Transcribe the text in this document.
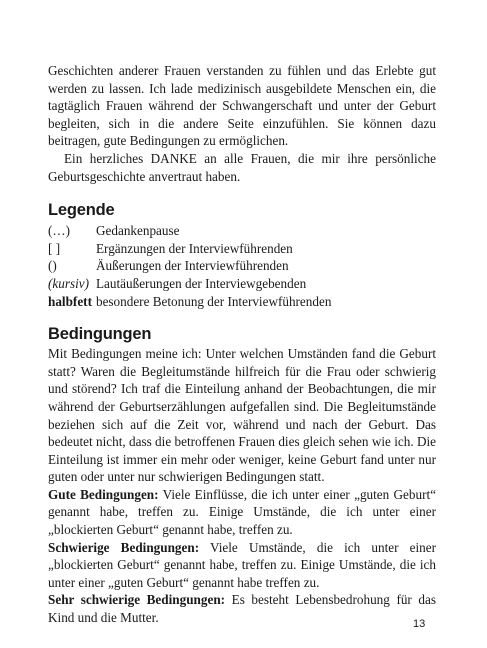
Geschichten anderer Frauen verstanden zu fühlen und das Erlebte gut werden zu lassen. Ich lade medizinisch ausgebildete Menschen ein, die tagtäglich Frauen während der Schwangerschaft und unter der Geburt begleiten, sich in die andere Seite einzufühlen. Sie können dazu beitragen, gute Bedingungen zu ermöglichen.

Ein herzliches DANKE an alle Frauen, die mir ihre persönliche Geburtsgeschichte anvertraut haben.

Legende
(…)	Gedankenpause
[ ]	Ergänzungen der Interviewführenden
()	Äußerungen der Interviewführenden
(kursiv) Lautäußerungen der Interviewgebenden
halbfett besondere Betonung der Interviewführenden
Bedingungen

Mit Bedingungen meine ich: Unter welchen Umständen fand die Geburt statt? Waren die Begleitumstände hilfreich für die Frau oder schwierig und störend? Ich traf die Einteilung anhand der Beobachtungen, die mir während der Geburtserzählungen aufgefallen sind. Die Begleitumstände beziehen sich auf die Zeit vor, während und nach der Geburt. Das bedeutet nicht, dass die betroffenen Frauen dies gleich sehen wie ich. Die Einteilung ist immer ein mehr oder weniger, keine Geburt fand unter nur guten oder unter nur schwierigen Bedingungen statt.

Gute Bedingungen: Viele Einflüsse, die ich unter einer „guten Geburt“ genannt habe, treffen zu. Einige Umstände, die ich unter einer „blockierten Geburt“ genannt habe, treffen zu.

Schwierige Bedingungen: Viele Umstände, die ich unter einer „blockierten Geburt“ genannt habe, treffen zu. Einige Umstände, die ich unter einer „guten Geburt“ genannt habe treffen zu.

Sehr schwierige Bedingungen: Es besteht Lebensbedrohung für das Kind und die Mutter.	13
